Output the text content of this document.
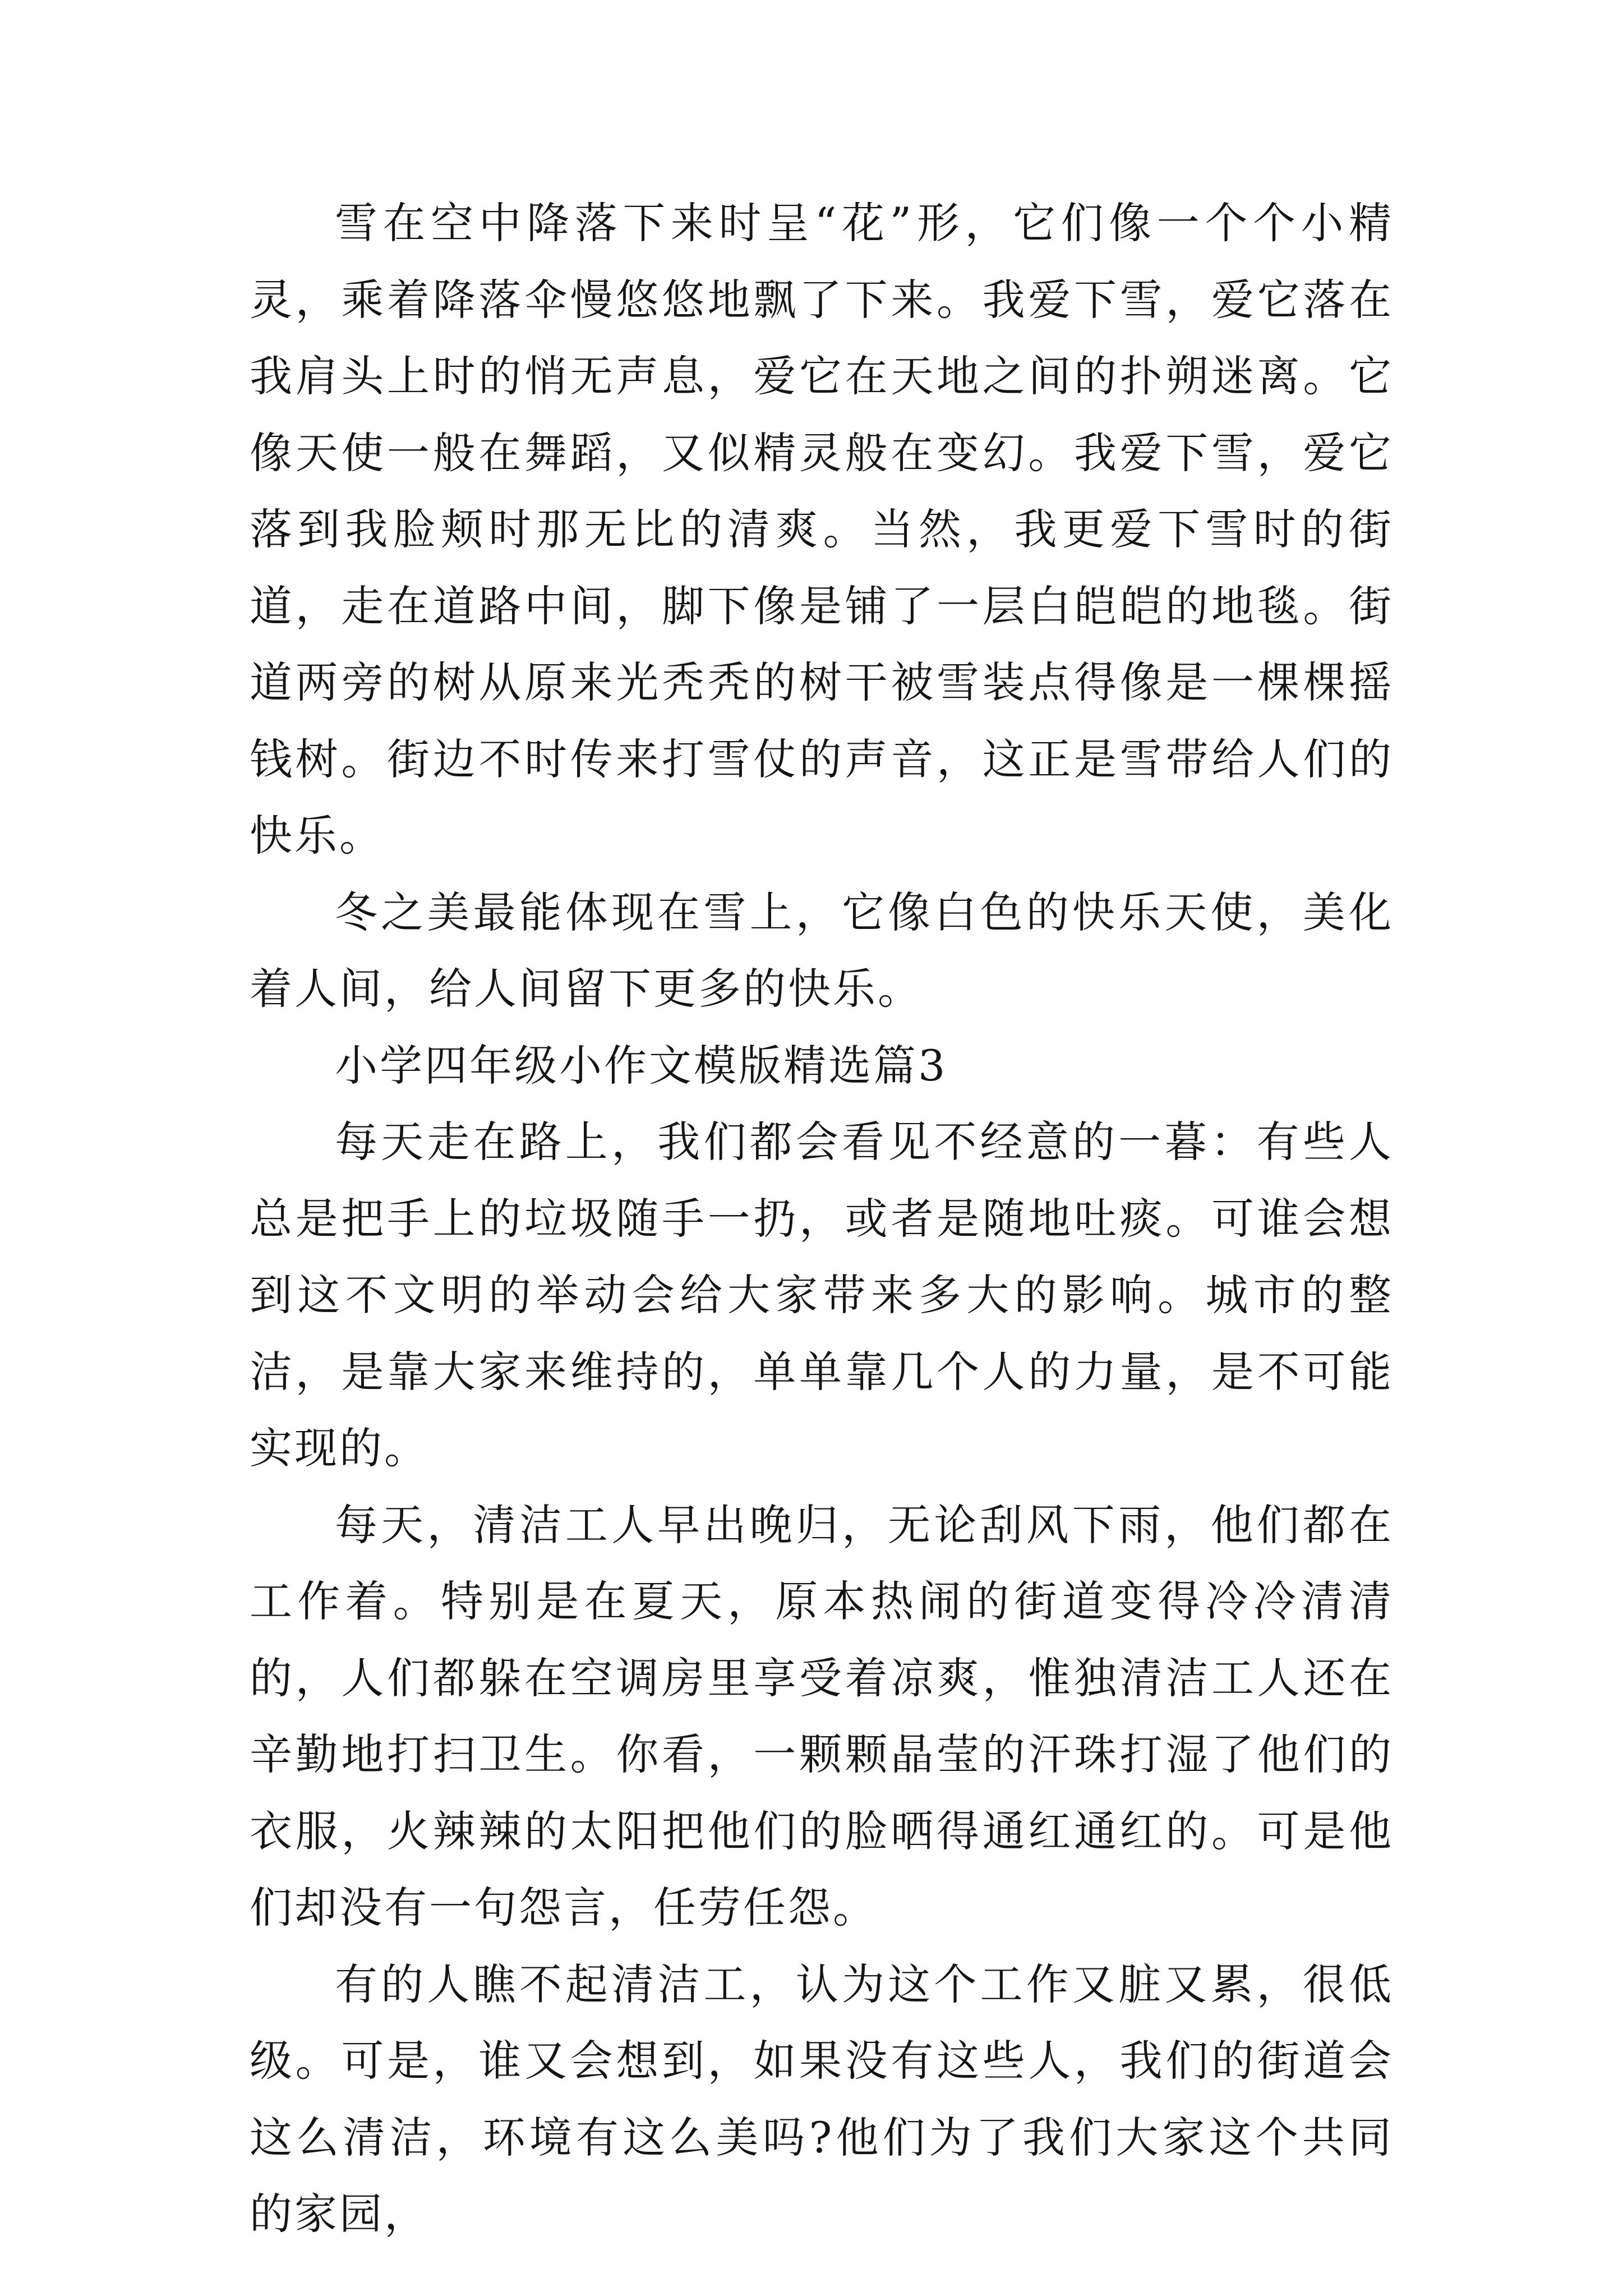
雪在空中降落下来时呈“花”形，它们像一个个小精灵，乘着降落伞慢悠悠地飘了下来。我爱下雪，爱它落在我肩头上时的悄无声息，爱它在天地之间的扑朔迷离。它像天使一般在舞蹈，又似精灵般在变幻。我爱下雪，爱它落到我脸颊时那无比的清爽。当然，我更爱下雪时的街道，走在道路中间，脚下像是铺了一层白皑皑的地毯。街道两旁的树从原来光秃秃的树干被雪装点得像是一棵棵摇钱树。街边不时传来打雪仗的声音，这正是雪带给人们的快乐。

冬之美最能体现在雪上，它像白色的快乐天使，美化着人间，给人间留下更多的快乐。

小学四年级小作文模版精选篇3

每天走在路上，我们都会看见不经意的一暮：有些人总是把手上的垃圾随手一扔，或者是随地吐痰。可谁会想到这不文明的举动会给大家带来多大的影响。城市的整洁，是靠大家来维持的，单单靠几个人的力量，是不可能实现的。

每天，清洁工人早出晚归，无论刮风下雨，他们都在工作着。特别是在夏天，原本热闹的街道变得冷冷清清的，人们都躲在空调房里享受着凉爽，惟独清洁工人还在辛勤地打扫卫生。你看，一颗颗晶莹的汗珠打湿了他们的衣服，火辣辣的太阳把他们的脸晒得通红通红的。可是他们却没有一句怨言，任劳任怨。

有的人瞧不起清洁工，认为这个工作又脏又累，很低级。可是，谁又会想到，如果没有这些人，我们的街道会这么清洁，环境有这么美吗?他们为了我们大家这个共同的家园，
